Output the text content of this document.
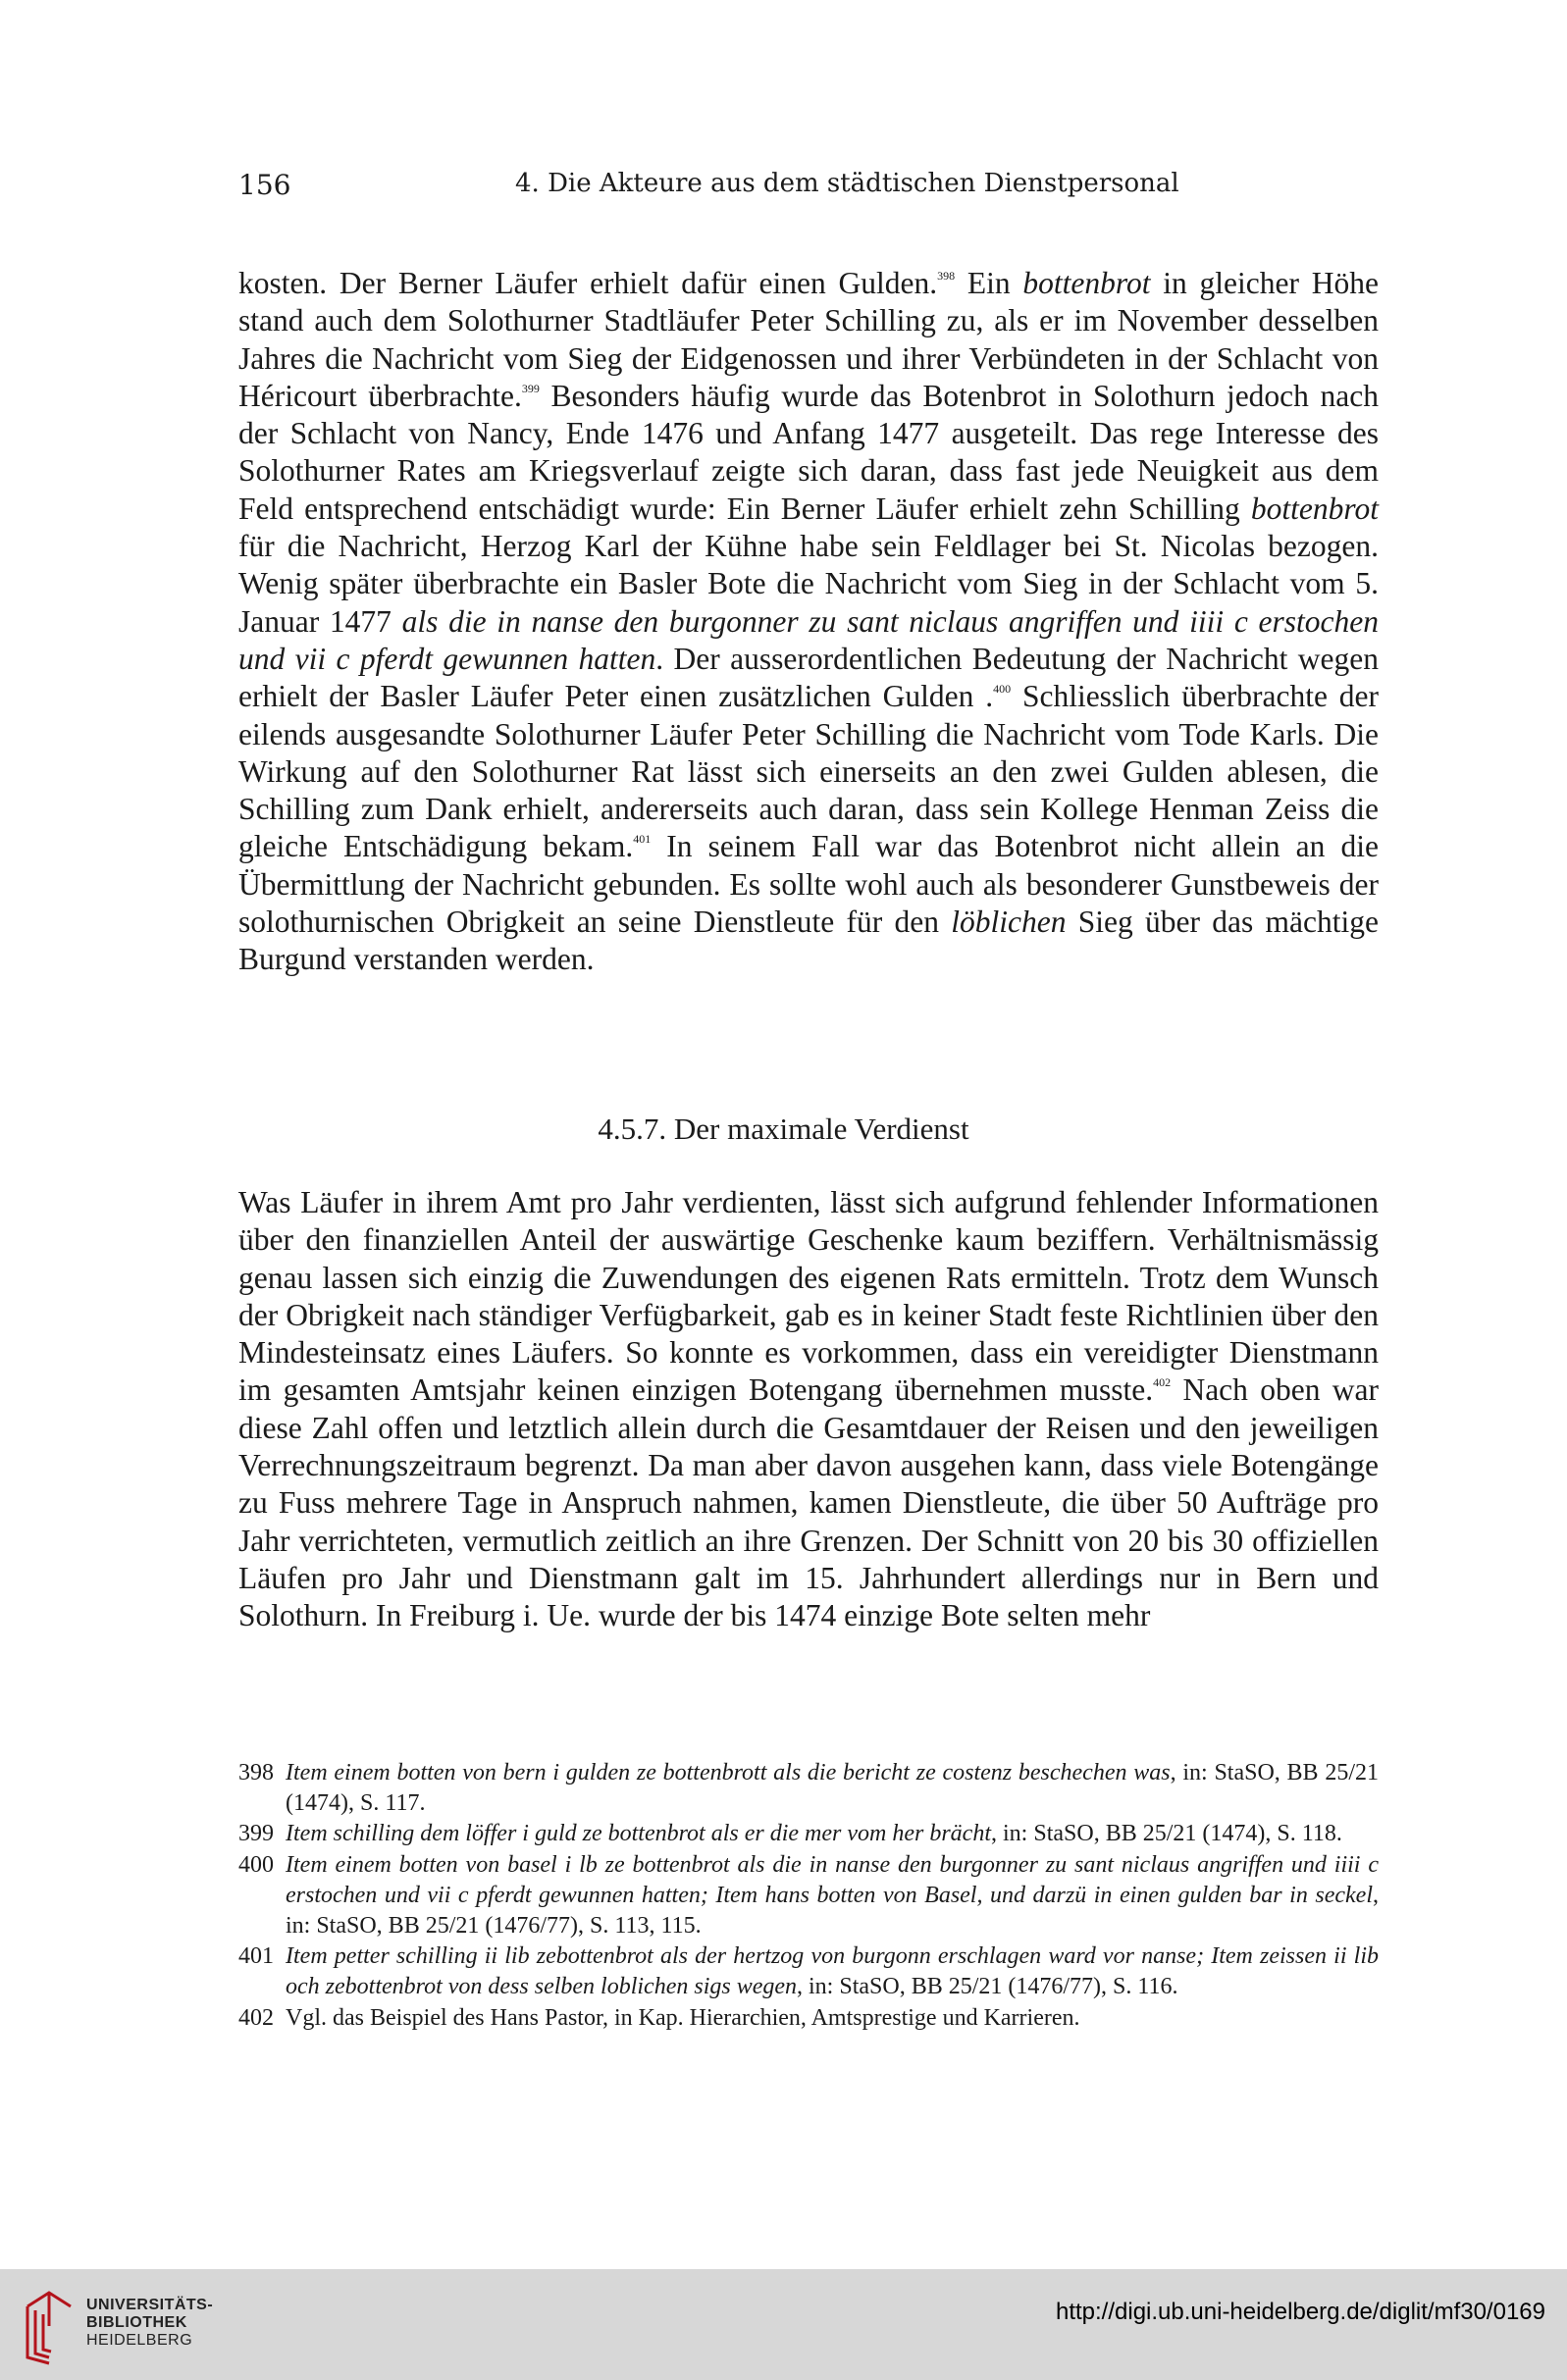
156	4. Die Akteure aus dem städtischen Dienstpersonal

kosten. Der Berner Läufer erhielt dafür einen Gulden.$^{398}$ Ein bottenbrot in gleicher Höhe stand auch dem Solothurner Stadtläufer Peter Schilling zu, als er im November desselben Jahres die Nachricht vom Sieg der Eidgenossen und ihrer Verbündeten in der Schlacht von Héricourt überbrachte.$^{399}$ Besonders häufig wurde das Botenbrot in Solothurn jedoch nach der Schlacht von Nancy, Ende 1476 und Anfang 1477 ausgeteilt. Das rege Interesse des Solothurner Rates am Kriegsverlauf zeigte sich daran, dass fast jede Neuigkeit aus dem Feld entsprechend entschädigt wurde: Ein Berner Läufer erhielt zehn Schilling bottenbrot für die Nachricht, Herzog Karl der Kühne habe sein Feldlager bei St. Nicolas bezogen. Wenig später überbrachte ein Basler Bote die Nachricht vom Sieg in der Schlacht vom 5. Januar 1477 als die in nanse den burgonner zu sant niclaus angriffen und iiii c erstochen und vii c pferdt gewunnen hatten. Der ausserordentlichen Bedeutung der Nachricht wegen erhielt der Basler Läufer Peter einen zusätzlichen Gulden .$^{400}$ Schliesslich überbrachte der eilends ausgesandte Solothurner Läufer Peter Schilling die Nachricht vom Tode Karls. Die Wirkung auf den Solothurner Rat lässt sich einerseits an den zwei Gulden ablesen, die Schilling zum Dank erhielt, andererseits auch daran, dass sein Kollege Henman Zeiss die gleiche Entschädigung bekam.$^{401}$ In seinem Fall war das Botenbrot nicht allein an die Übermittlung der Nachricht gebunden. Es sollte wohl auch als besonderer Gunstbeweis der solothurnischen Obrigkeit an seine Dienstleute für den löblichen Sieg über das mächtige Burgund verstanden werden.

4.5.7. Der maximale Verdienst

Was Läufer in ihrem Amt pro Jahr verdienten, lässt sich aufgrund fehlender Informationen über den finanziellen Anteil der auswärtige Geschenke kaum beziffern. Verhältnismässig genau lassen sich einzig die Zuwendungen des eigenen Rats ermitteln. Trotz dem Wunsch der Obrigkeit nach ständiger Verfügbarkeit, gab es in keiner Stadt feste Richtlinien über den Mindesteinsatz eines Läufers. So konnte es vorkommen, dass ein vereidigter Dienstmann im gesamten Amtsjahr keinen einzigen Botengang übernehmen musste.$^{402}$ Nach oben war diese Zahl offen und letztlich allein durch die Gesamtdauer der Reisen und den jeweiligen Verrechnungszeitraum begrenzt. Da man aber davon ausgehen kann, dass viele Botengänge zu Fuss mehrere Tage in Anspruch nahmen, kamen Dienstleute, die über 50 Aufträge pro Jahr verrichteten, vermutlich zeitlich an ihre Grenzen. Der Schnitt von 20 bis 30 offiziellen Läufen pro Jahr und Dienstmann galt im 15. Jahrhundert allerdings nur in Bern und Solothurn. In Freiburg i. Ue. wurde der bis 1474 einzige Bote selten mehr

398 Item einem botten von bern i gulden ze bottenbrott als die bericht ze costenz beschechen was, in: StaSO, BB 25/21 (1474), S. 117.
399 Item schilling dem löffer i guld ze bottenbrot als er die mer vom her brächt, in: StaSO, BB 25/21 (1474), S. 118.
400 Item einem botten von basel i lb ze bottenbrot als die in nanse den burgonner zu sant niclaus angriffen und iiii c erstochen und vii c pferdt gewunnen hatten; Item hans botten von Basel, und darzü in einen gulden bar in seckel, in: StaSO, BB 25/21 (1476/77), S. 113, 115.
401 Item petter schilling ii lib zebottenbrot als der hertzog von burgonn erschlagen ward vor nanse; Item zeissen ii lib och zebottenbrot von dess selben loblichen sigs wegen, in: StaSO, BB 25/21 (1476/77), S. 116.
402 Vgl. das Beispiel des Hans Pastor, in Kap. Hierarchien, Amtsprestige und Karrieren.
UNIVERSITÄTS-
BIBLIOTHEK
HEIDELBERG
http://digi.ub.uni-heidelberg.de/diglit/mf30/0169
